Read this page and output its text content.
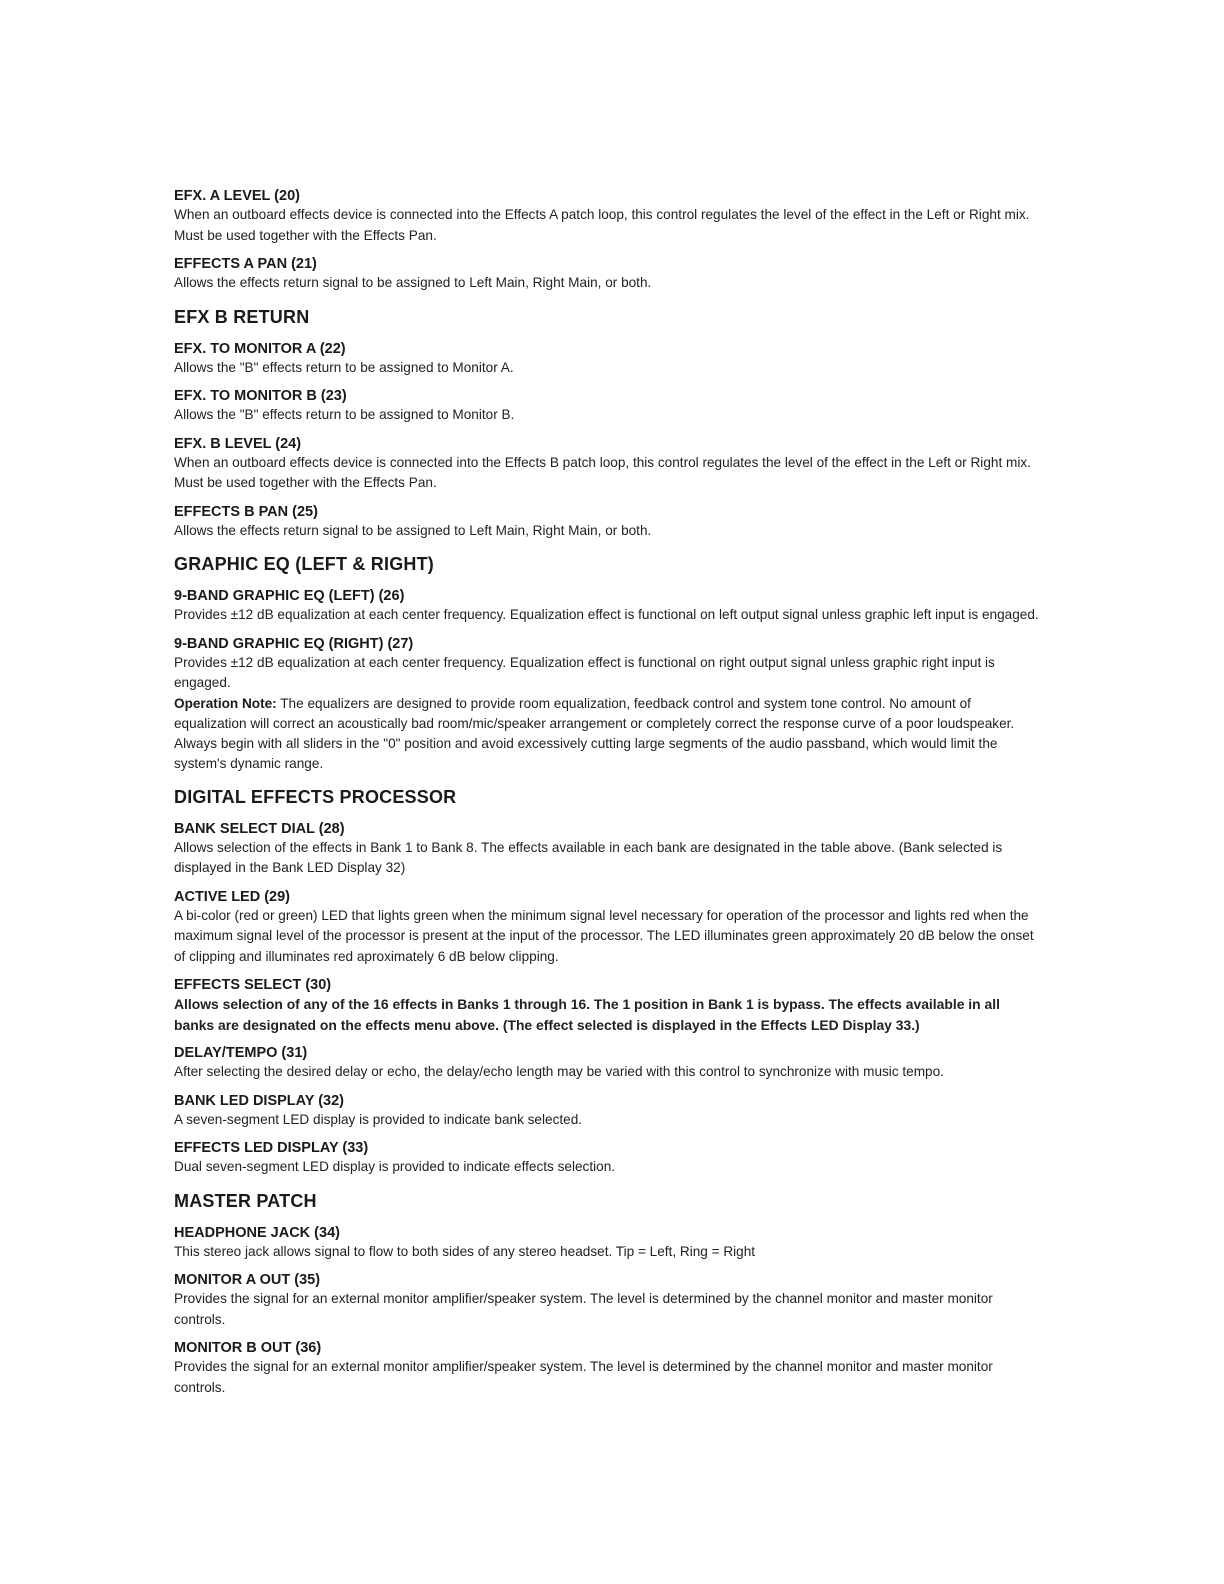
EFX. A LEVEL (20)
When an outboard effects device is connected into the Effects A patch loop, this control regulates the level of the effect in the Left or Right mix. Must be used together with the Effects Pan.
EFFECTS A PAN (21)
Allows the effects return signal to be assigned to Left Main, Right Main, or both.
EFX B RETURN
EFX. TO MONITOR A (22)
Allows the "B" effects return to be assigned to Monitor A.
EFX. TO MONITOR B (23)
Allows the "B" effects return to be assigned to Monitor B.
EFX. B LEVEL (24)
When an outboard effects device is connected into the Effects B patch loop, this control regulates the level of the effect in the Left or Right mix. Must be used together with the Effects Pan.
EFFECTS B PAN (25)
Allows the effects return signal to be assigned to Left Main, Right Main, or both.
GRAPHIC EQ (LEFT & RIGHT)
9-BAND GRAPHIC EQ (LEFT) (26)
Provides ±12 dB equalization at each center frequency. Equalization effect is functional on left output signal unless graphic left input is engaged.
9-BAND GRAPHIC EQ (RIGHT) (27)
Provides ±12 dB equalization at each center frequency. Equalization effect is functional on right output signal unless graphic right input is engaged.
Operation Note: The equalizers are designed to provide room equalization, feedback control and system tone control. No amount of equalization will correct an acoustically bad room/mic/speaker arrangement or completely correct the response curve of a poor loudspeaker. Always begin with all sliders in the "0" position and avoid excessively cutting large segments of the audio passband, which would limit the system's dynamic range.
DIGITAL EFFECTS PROCESSOR
BANK SELECT DIAL (28)
Allows selection of the effects in Bank 1 to Bank 8. The effects available in each bank are designated in the table above. (Bank selected is displayed in the Bank LED Display 32)
ACTIVE LED (29)
A bi-color (red or green) LED that lights green when the minimum signal level necessary for operation of the processor and lights red when the maximum signal level of the processor is present at the input of the processor. The LED illuminates green approximately 20 dB below the onset of clipping and illuminates red aproximately 6 dB below clipping.
EFFECTS SELECT (30)
Allows selection of any of the 16 effects in Banks 1 through 16. The 1 position in Bank 1 is bypass. The effects available in all banks are designated on the effects menu above. (The effect selected is displayed in the Effects LED Display 33.)
DELAY/TEMPO (31)
After selecting the desired delay or echo, the delay/echo length may be varied with this control to synchronize with music tempo.
BANK LED DISPLAY (32)
A seven-segment LED display is provided to indicate bank selected.
EFFECTS LED DISPLAY (33)
Dual seven-segment LED display is provided to indicate effects selection.
MASTER PATCH
HEADPHONE JACK (34)
This stereo jack allows signal to flow to both sides of any stereo headset. Tip = Left, Ring = Right
MONITOR A OUT (35)
Provides the signal for an external monitor amplifier/speaker system. The level is determined by the channel monitor and master monitor controls.
MONITOR B OUT (36)
Provides the signal for an external monitor amplifier/speaker system. The level is determined by the channel monitor and master monitor controls.
